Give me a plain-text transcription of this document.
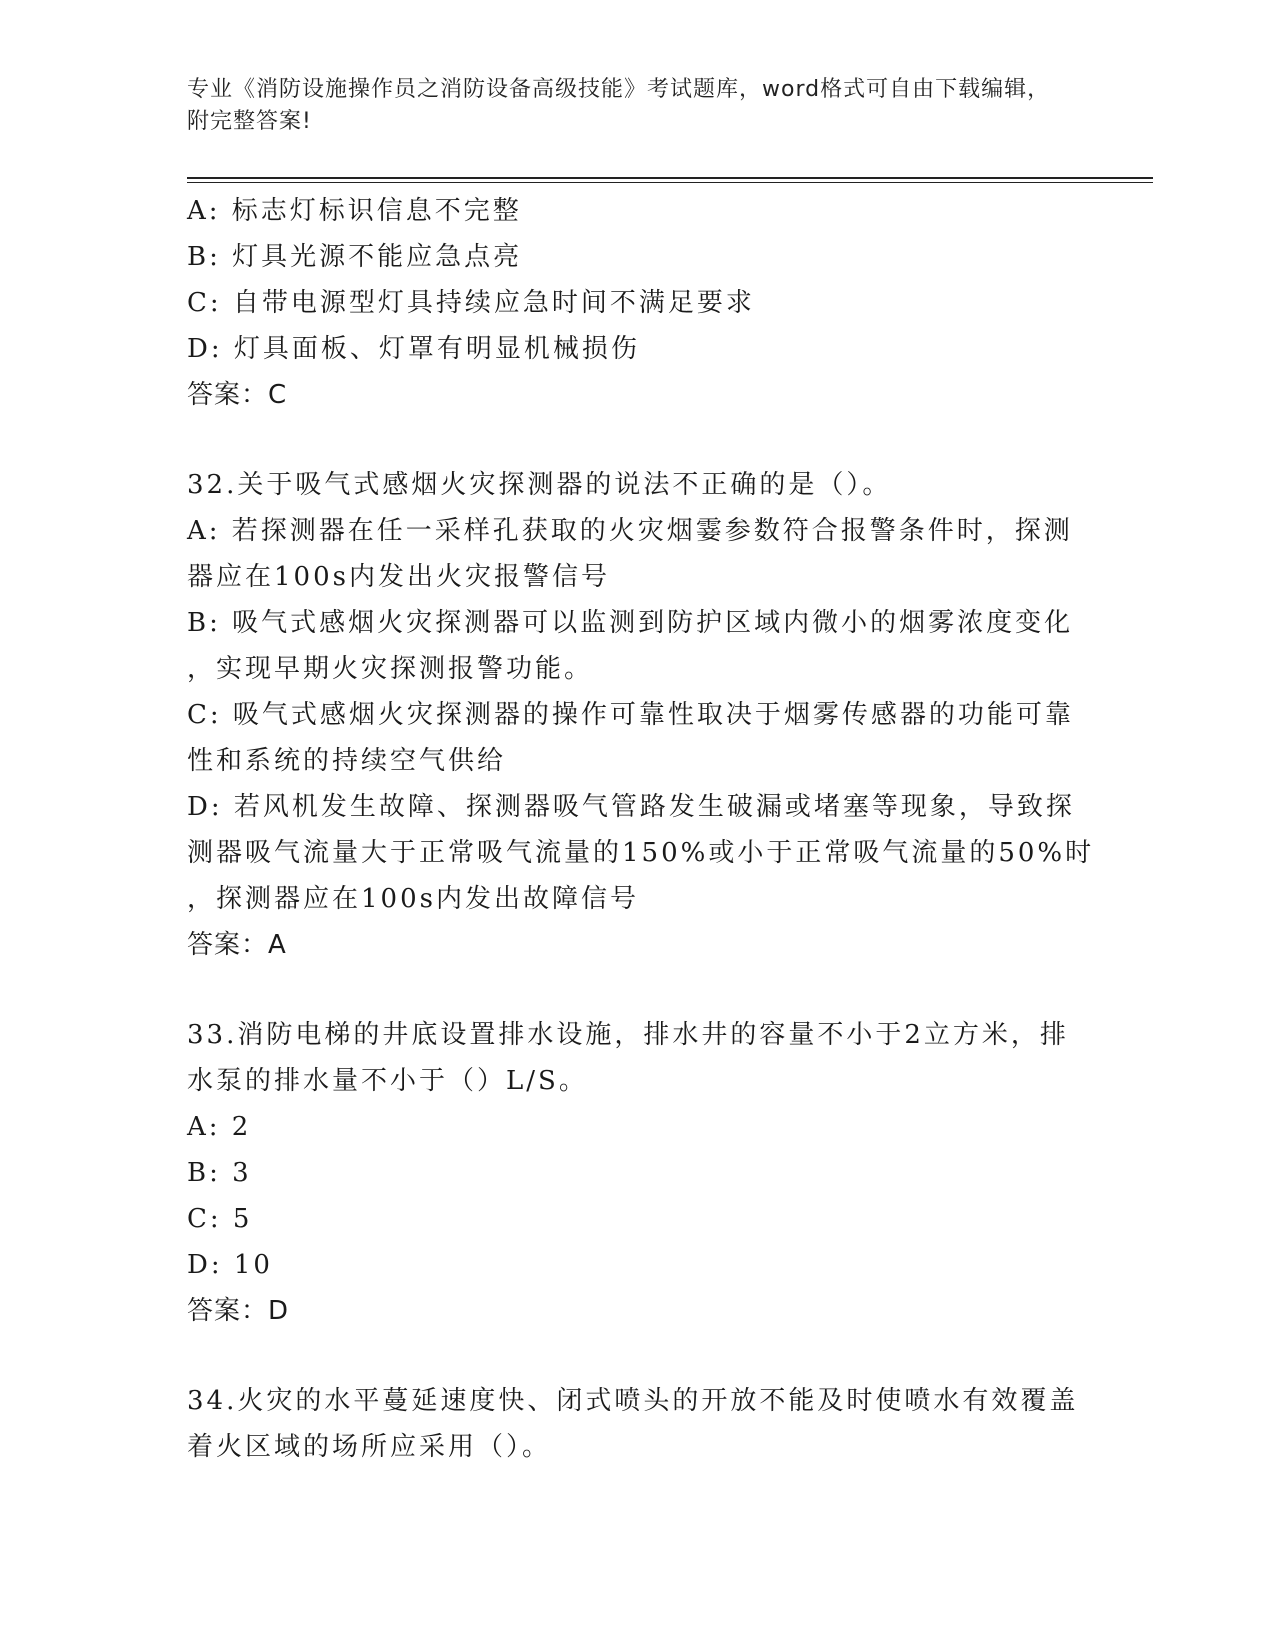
专业《消防设施操作员之消防设备高级技能》考试题库，word格式可自由下载编辑，附完整答案!
A: 标志灯标识信息不完整
B: 灯具光源不能应急点亮
C: 自带电源型灯具持续应急时间不满足要求
D: 灯具面板、灯罩有明显机械损伤
答案：C
32.关于吸气式感烟火灾探测器的说法不正确的是（）。
A: 若探测器在任一采样孔获取的火灾烟霎参数符合报警条件时，探测
器应在100s内发出火灾报警信号
B: 吸气式感烟火灾探测器可以监测到防护区域内微小的烟雾浓度变化
，实现早期火灾探测报警功能。
C: 吸气式感烟火灾探测器的操作可靠性取决于烟雾传感器的功能可靠
性和系统的持续空气供给
D: 若风机发生故障、探测器吸气管路发生破漏或堵塞等现象，导致探
测器吸气流量大于正常吸气流量的150%或小于正常吸气流量的50%时
，探测器应在100s内发出故障信号
答案：A
33.消防电梯的井底设置排水设施，排水井的容量不小于2立方米，排
水泵的排水量不小于（）L/S。
A: 2
B: 3
C: 5
D: 10
答案：D
34.火灾的水平蔓延速度快、闭式喷头的开放不能及时使喷水有效覆盖
着火区域的场所应采用（）。
